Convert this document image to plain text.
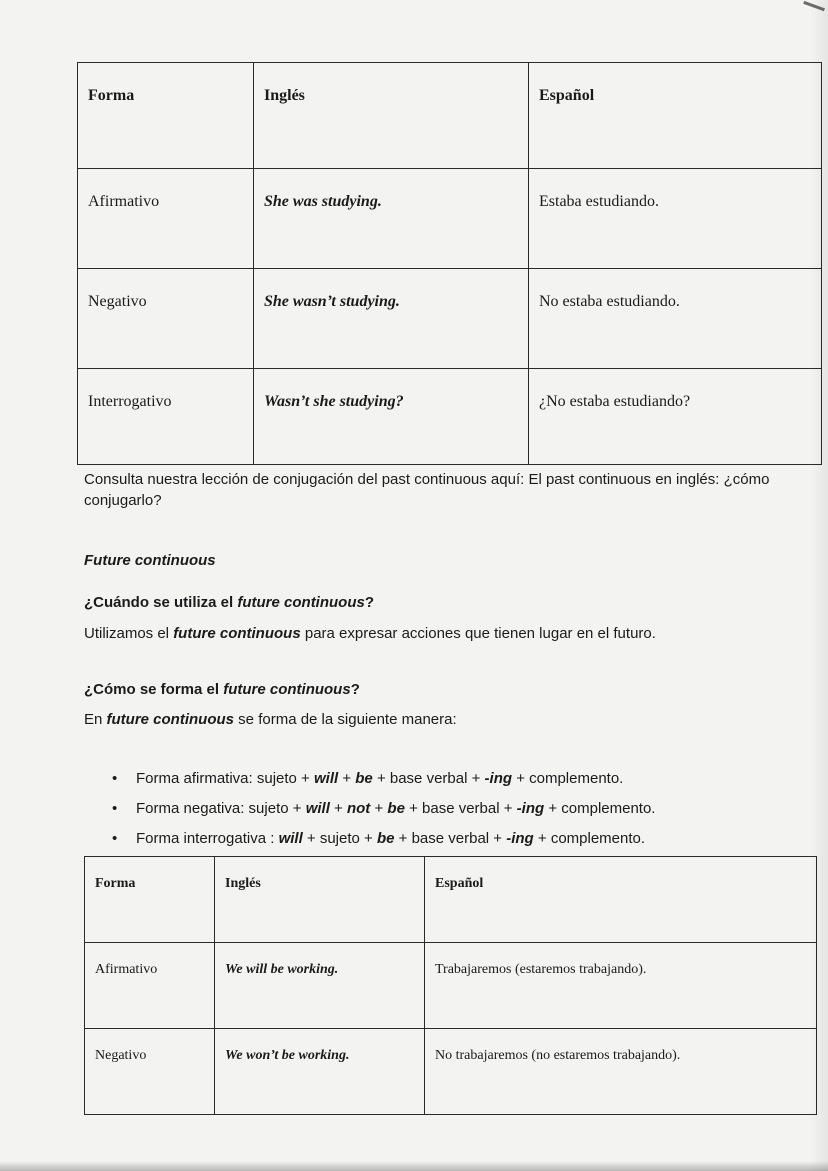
Forma	Inglés	Español

Afirmativo	She was studying.	Estaba estudiando.

Negativo	She wasn’t studying.	No estaba estudiando.

Interrogativo	Wasn’t she studying?	¿No estaba estudiando?
Consulta nuestra lección de conjugación del past continuous aquí: El past continuous en inglés: ¿cómo conjugarlo?
Future continuous
¿Cuándo se utiliza el future continuous?
Utilizamos el future continuous para expresar acciones que tienen lugar en el futuro.
¿Cómo se forma el future continuous?
En future continuous se forma de la siguiente manera:
• Forma afirmativa: sujeto + will + be + base verbal + -ing + complemento.
• Forma negativa: sujeto + will + not + be + base verbal + -ing + complemento.
• Forma interrogativa : will + sujeto + be + base verbal + -ing + complemento.
Forma	Inglés	Español

Afirmativo	We will be working.	Trabajaremos (estaremos trabajando).

Negativo	We won’t be working.	No trabajaremos (no estaremos trabajando).
